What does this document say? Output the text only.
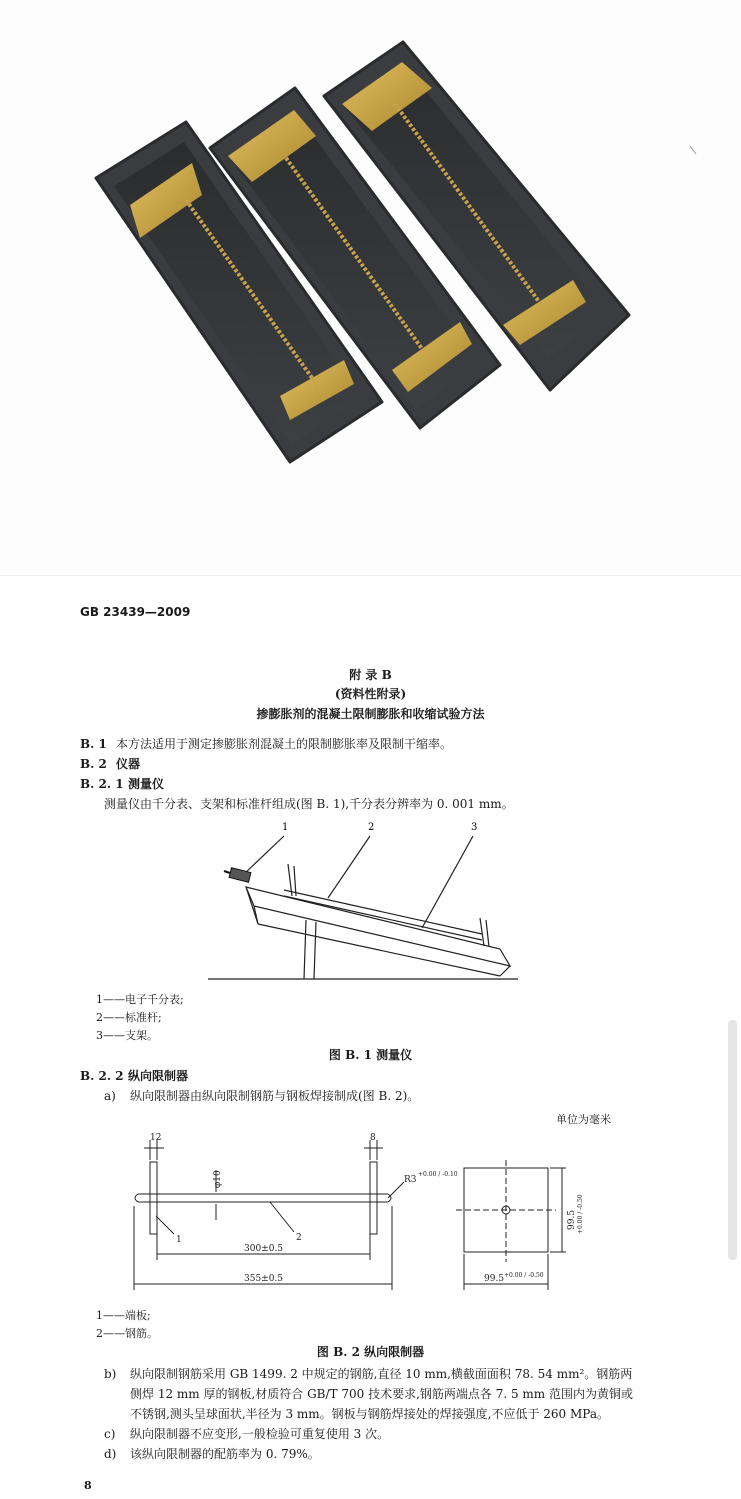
GB 23439—2009
附 录 B
(资料性附录)
掺膨胀剂的混凝土限制膨胀和收缩试验方法
B. 1 本方法适用于测定掺膨胀剂混凝土的限制膨胀率及限制干缩率。
B. 2 仪器
B. 2. 1 测量仪
测量仪由千分表、支架和标准杆组成(图 B. 1),千分表分辨率为 0. 001 mm。
1	2	3
1——电子千分表;
2——标准杆;
3——支架。
图 B. 1 测量仪
B. 2. 2 纵向限制器
a) 纵向限制器由纵向限制钢筋与钢板焊接制成(图 B. 2)。
单位为毫米
12	8
φ10	R3
+0.00 / -0.10
300±0.5
355±0.5
1	2
99.5 +0.00 / -0.50
99.5 +0.00 / -0.50
1——端板;
2——钢筋。
图 B. 2 纵向限制器
b) 纵向限制钢筋采用 GB 1499. 2 中规定的钢筋,直径 10 mm,横截面面积 78. 54 mm²。钢筋两
侧焊 12 mm 厚的钢板,材质符合 GB/T 700 技术要求,钢筋两端点各 7. 5 mm 范围内为黄铜或
不锈钢,测头呈球面状,半径为 3 mm。钢板与钢筋焊接处的焊接强度,不应低于 260 MPa。
c) 纵向限制器不应变形,一般检验可重复使用 3 次。
d) 该纵向限制器的配筋率为 0. 79%。
8
